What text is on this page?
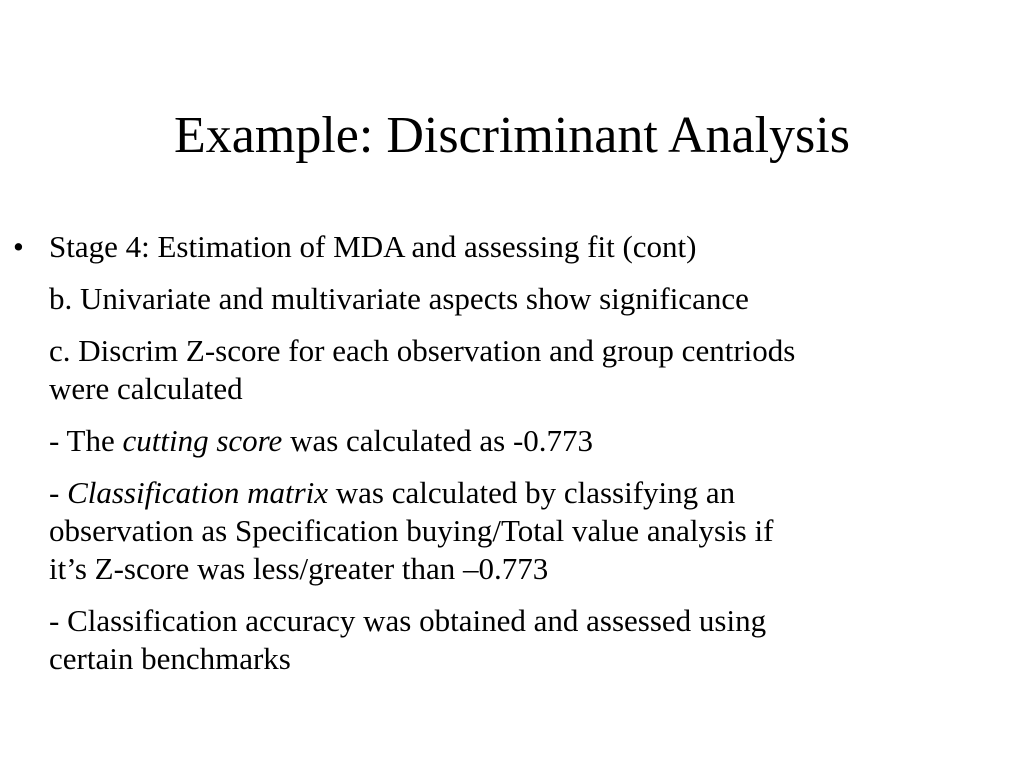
Example: Discriminant Analysis
• Stage 4: Estimation of MDA and assessing fit (cont)
b. Univariate and multivariate aspects show significance
c. Discrim Z-score for each observation and group centriods
were calculated
- The cutting score was calculated as -0.773
- Classification matrix was calculated by classifying an
observation as Specification buying/Total value analysis if
it’s Z-score was less/greater than –0.773
- Classification accuracy was obtained and assessed using
certain benchmarks
